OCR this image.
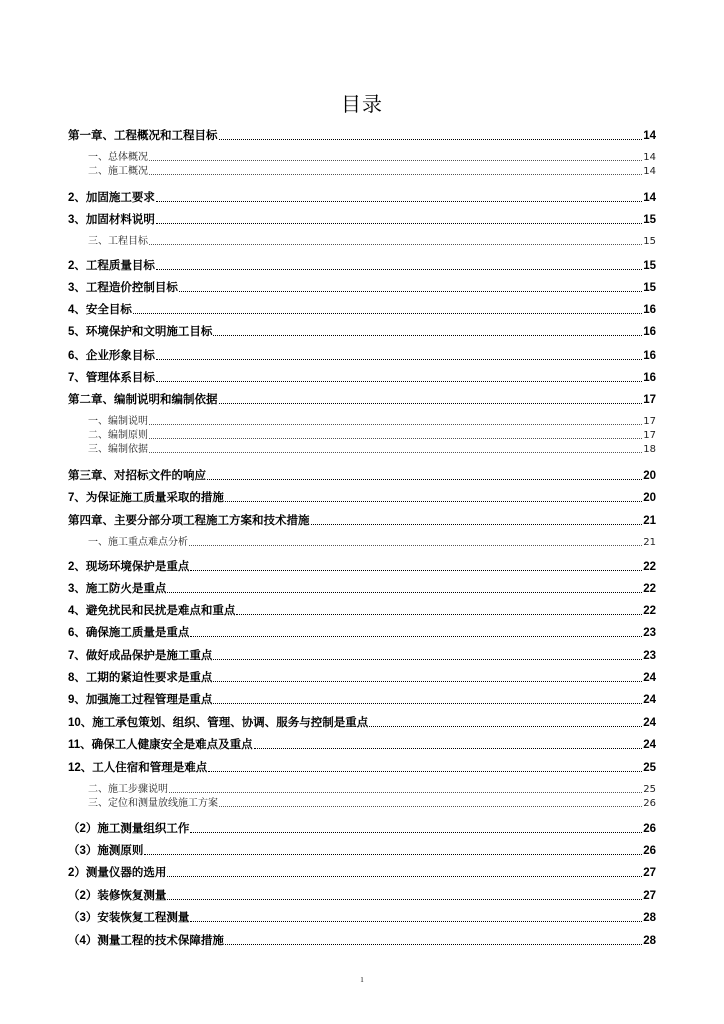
目录
第一章、工程概况和工程目标	14
一、总体概况	14
二、施工概况	14
2、加固施工要求	14
3、加固材料说明	15
三、工程目标	15
2、工程质量目标	15
3、工程造价控制目标	15
4、安全目标	16
5、环境保护和文明施工目标	16
6、企业形象目标	16
7、管理体系目标	16
第二章、编制说明和编制依据	17
一、编制说明	17
二、编制原则	17
三、编制依据	18
第三章、对招标文件的响应	20
7、为保证施工质量采取的措施	20
第四章、主要分部分项工程施工方案和技术措施	21
一、施工重点难点分析	21
2、现场环境保护是重点	22
3、施工防火是重点	22
4、避免扰民和民扰是难点和重点	22
6、确保施工质量是重点	23
7、做好成品保护是施工重点	23
8、工期的紧迫性要求是重点	24
9、加强施工过程管理是重点	24
10、施工承包策划、组织、管理、协调、服务与控制是重点	24
11、确保工人健康安全是难点及重点	24
12、工人住宿和管理是难点	25
二、施工步骤说明	25
三、定位和测量放线施工方案	26
（2）施工测量组织工作	26
（3）施测原则	26
2）测量仪器的选用	27
（2）装修恢复测量	27
（3）安装恢复工程测量	28
（4）测量工程的技术保障措施	28
1
